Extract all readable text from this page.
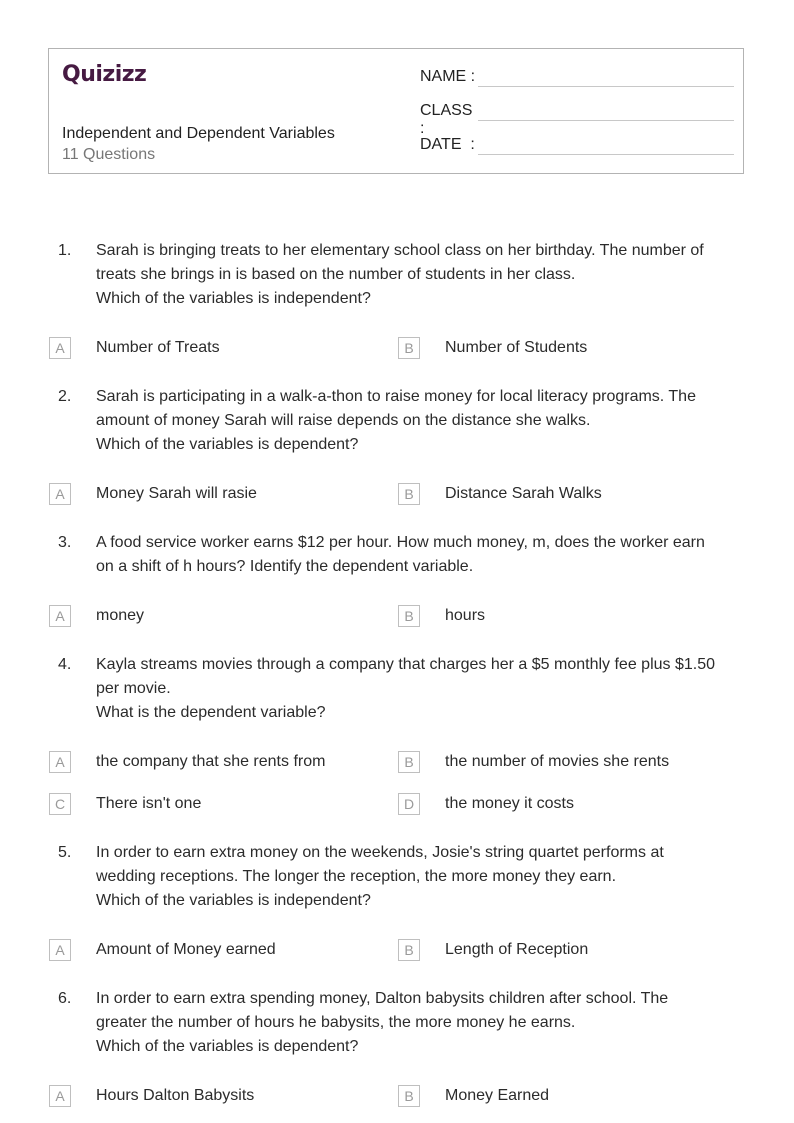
Quizizz
Independent and Dependent Variables
11 Questions
NAME :
CLASS :
DATE  :
1.	Sarah is bringing treats to her elementary school class on her birthday. The number of
treats she brings in is based on the number of students in her class.
Which of the variables is independent?
A	Number of Treats	B	Number of Students
2.	Sarah is participating in a walk-a-thon to raise money for local literacy programs. The
amount of money Sarah will raise depends on the distance she walks.
Which of the variables is dependent?
A	Money Sarah will rasie	B	Distance Sarah Walks
3.	A food service worker earns $12 per hour. How much money, m, does the worker earn
on a shift of h hours? Identify the dependent variable.
A	money	B	hours
4.	Kayla streams movies through a company that charges her a $5 monthly fee plus $1.50
per movie.
What is the dependent variable?
A	the company that she rents from	B	the number of movies she rents
C	There isn't one	D	the money it costs
5.	In order to earn extra money on the weekends, Josie's string quartet performs at
wedding receptions. The longer the reception, the more money they earn.
Which of the variables is independent?
A	Amount of Money earned	B	Length of Reception
6.	In order to earn extra spending money, Dalton babysits children after school. The
greater the number of hours he babysits, the more money he earns.
Which of the variables is dependent?
A	Hours Dalton Babysits	B	Money Earned
